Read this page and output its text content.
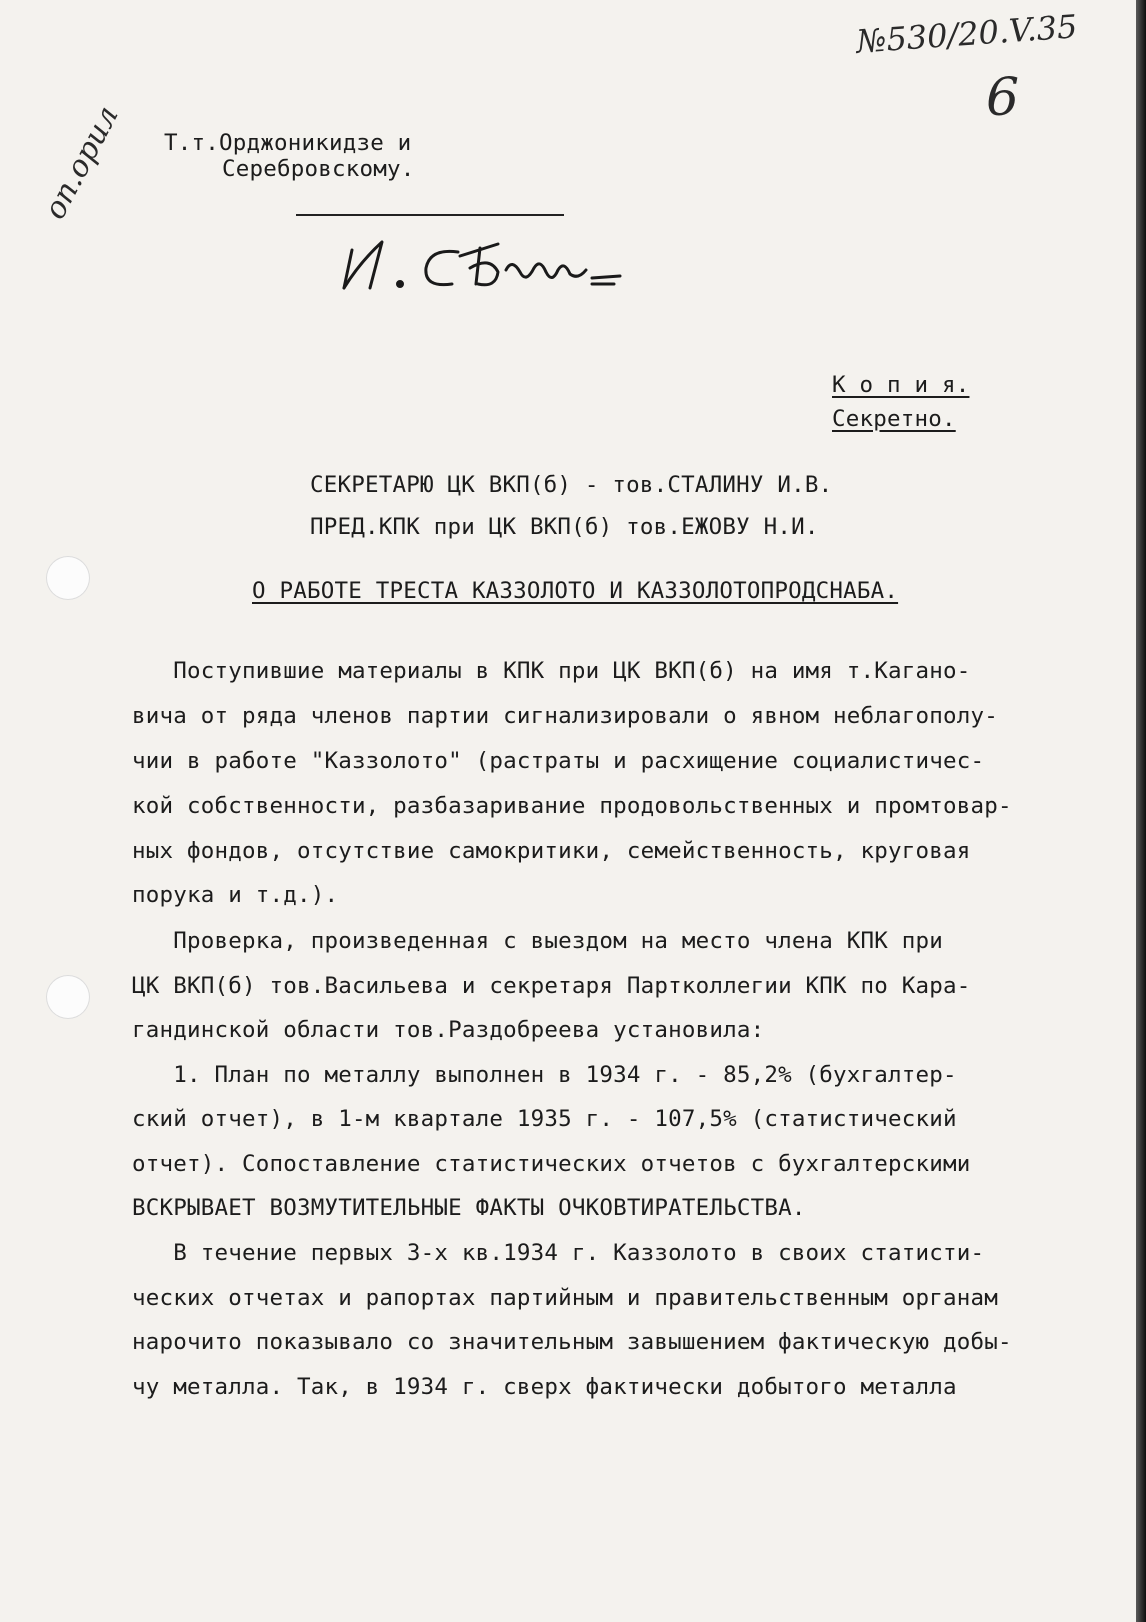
№530/20.V.35
6
Т.т.Орджоникидзе и
Серебровскому.
оп.орил
К о п и я.
Секретно.
СЕКРЕТАРЮ ЦК ВКП(б) - тов.СТАЛИНУ И.В.
ПРЕД.КПК при ЦК ВКП(б) тов.ЕЖОВУ Н.И.
О РАБОТЕ ТРЕСТА КАЗЗОЛОТО И КАЗЗОЛОТОПРОДСНАБА.
Поступившие материалы в КПК при ЦК ВКП(б) на имя т.Кагано-
вича от ряда членов партии сигнализировали о явном неблагополу-
чии в работе "Каззолото" (растраты и расхищение социалистичес-
кой собственности, разбазаривание продовольственных и промтовар-
ных фондов, отсутствие самокритики, семейственность, круговая
порука и т.д.).
Проверка, произведенная с выездом на место члена КПК при
ЦК ВКП(б) тов.Васильева и секретаря Партколлегии КПК по Кара-
гандинской области тов.Раздобреева установила:
1. План по металлу выполнен в 1934 г. - 85,2% (бухгалтер-
ский отчет), в 1-м квартале 1935 г. - 107,5% (статистический
отчет). Сопоставление статистических отчетов с бухгалтерскими
ВСКРЫВАЕТ ВОЗМУТИТЕЛЬНЫЕ ФАКТЫ ОЧКОВТИРАТЕЛЬСТВА.
В течение первых 3-х кв.1934 г. Каззолото в своих статисти-
ческих отчетах и рапортах партийным и правительственным органам
нарочито показывало со значительным завышением фактическую добы-
чу металла. Так, в 1934 г. сверх фактически добытого металла
